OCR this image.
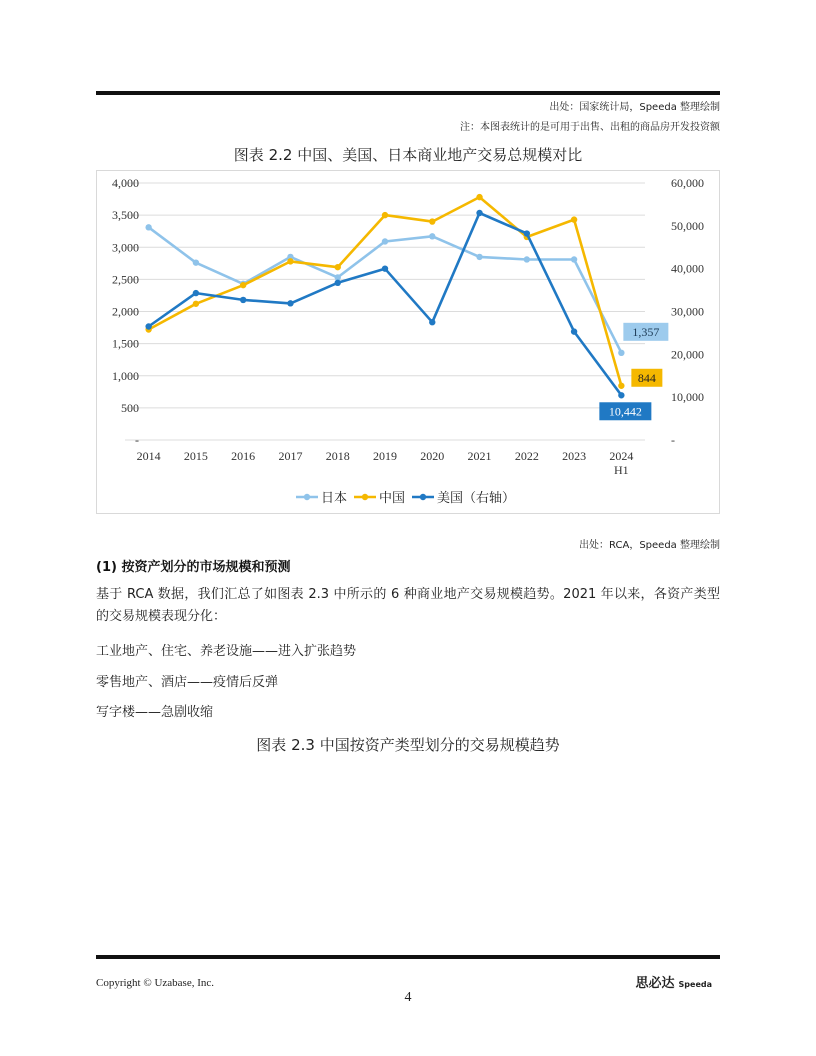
出处：国家统计局，Speeda 整理绘制
注：本图表统计的是可用于出售、出租的商品房开发投资额
图表 2.2 中国、美国、日本商业地产交易总规模对比
-
500
1,000
1,500
2,000
2,500
3,000
3,500
4,000
-
10,000
20,000
30,000
40,000
50,000
60,000
2014 2015 2016 2017 2018 2019 2020 2021 2022 2023 2024
H1
1,357
844
10,442
日本 中国 美国（右轴）
出处：RCA，Speeda 整理绘制
(1) 按资产划分的市场规模和预测
基于 RCA 数据，我们汇总了如图表 2.3 中所示的 6 种商业地产交易规模趋势。2021 年以来，各资产类型的交易规模表现分化：
工业地产、住宅、养老设施——进入扩张趋势
零售地产、酒店——疫情后反弹
写字楼——急剧收缩
图表 2.3 中国按资产类型划分的交易规模趋势
Copyright © Uzabase, Inc.	思必达 Speeda
4
